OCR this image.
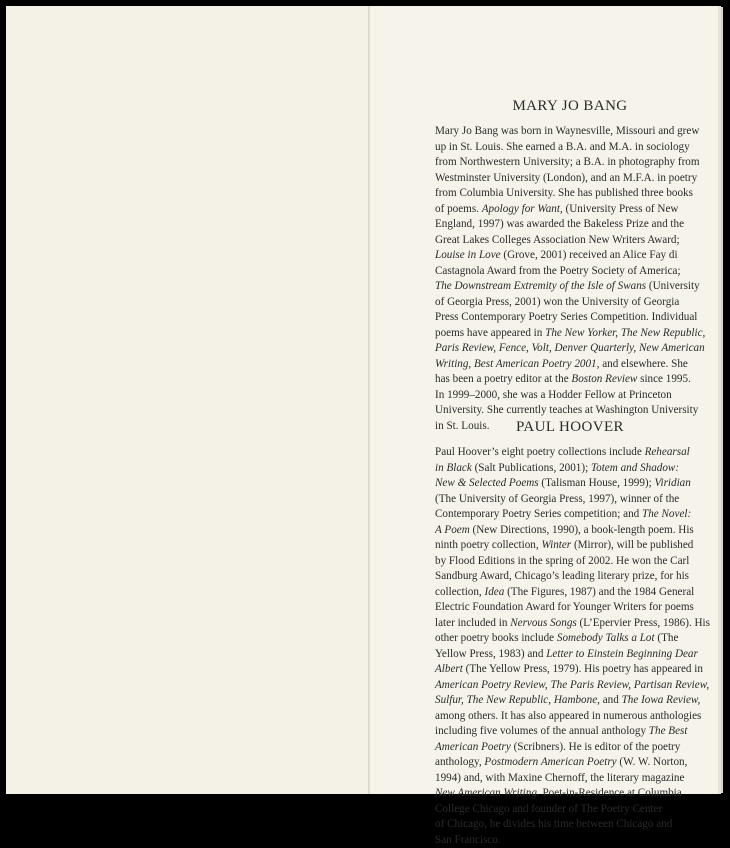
MARY JO BANG
Mary Jo Bang was born in Waynesville, Missouri and grew
up in St. Louis. She earned a B.A. and M.A. in sociology
from Northwestern University; a B.A. in photography from
Westminster University (London), and an M.F.A. in poetry
from Columbia University. She has published three books
of poems. Apology for Want, (University Press of New
England, 1997) was awarded the Bakeless Prize and the
Great Lakes Colleges Association New Writers Award;
Louise in Love (Grove, 2001) received an Alice Fay di
Castagnola Award from the Poetry Society of America;
The Downstream Extremity of the Isle of Swans (University
of Georgia Press, 2001) won the University of Georgia
Press Contemporary Poetry Series Competition. Individual
poems have appeared in The New Yorker, The New Republic,
Paris Review, Fence, Volt, Denver Quarterly, New American
Writing, Best American Poetry 2001, and elsewhere. She
has been a poetry editor at the Boston Review since 1995.
In 1999–2000, she was a Hodder Fellow at Princeton
University. She currently teaches at Washington University
in St. Louis.	PAUL HOOVER
Paul Hoover’s eight poetry collections include Rehearsal
in Black (Salt Publications, 2001); Totem and Shadow:
New & Selected Poems (Talisman House, 1999); Viridian
(The University of Georgia Press, 1997), winner of the
Contemporary Poetry Series competition; and The Novel:
A Poem (New Directions, 1990), a book-length poem. His
ninth poetry collection, Winter (Mirror), will be published
by Flood Editions in the spring of 2002. He won the Carl
Sandburg Award, Chicago’s leading literary prize, for his
collection, Idea (The Figures, 1987) and the 1984 General
Electric Foundation Award for Younger Writers for poems
later included in Nervous Songs (L’Epervier Press, 1986). His
other poetry books include Somebody Talks a Lot (The
Yellow Press, 1983) and Letter to Einstein Beginning Dear
Albert (The Yellow Press, 1979). His poetry has appeared in
American Poetry Review, The Paris Review, Partisan Review,
Sulfur, The New Republic, Hambone, and The Iowa Review,
among others. It has also appeared in numerous anthologies
including five volumes of the annual anthology The Best
American Poetry (Scribners). He is editor of the poetry
anthology, Postmodern American Poetry (W. W. Norton,
1994) and, with Maxine Chernoff, the literary magazine
New American Writing. Poet-in-Residence at Columbia
College Chicago and founder of The Poetry Center
of Chicago, he divides his time between Chicago and
San Francisco.
